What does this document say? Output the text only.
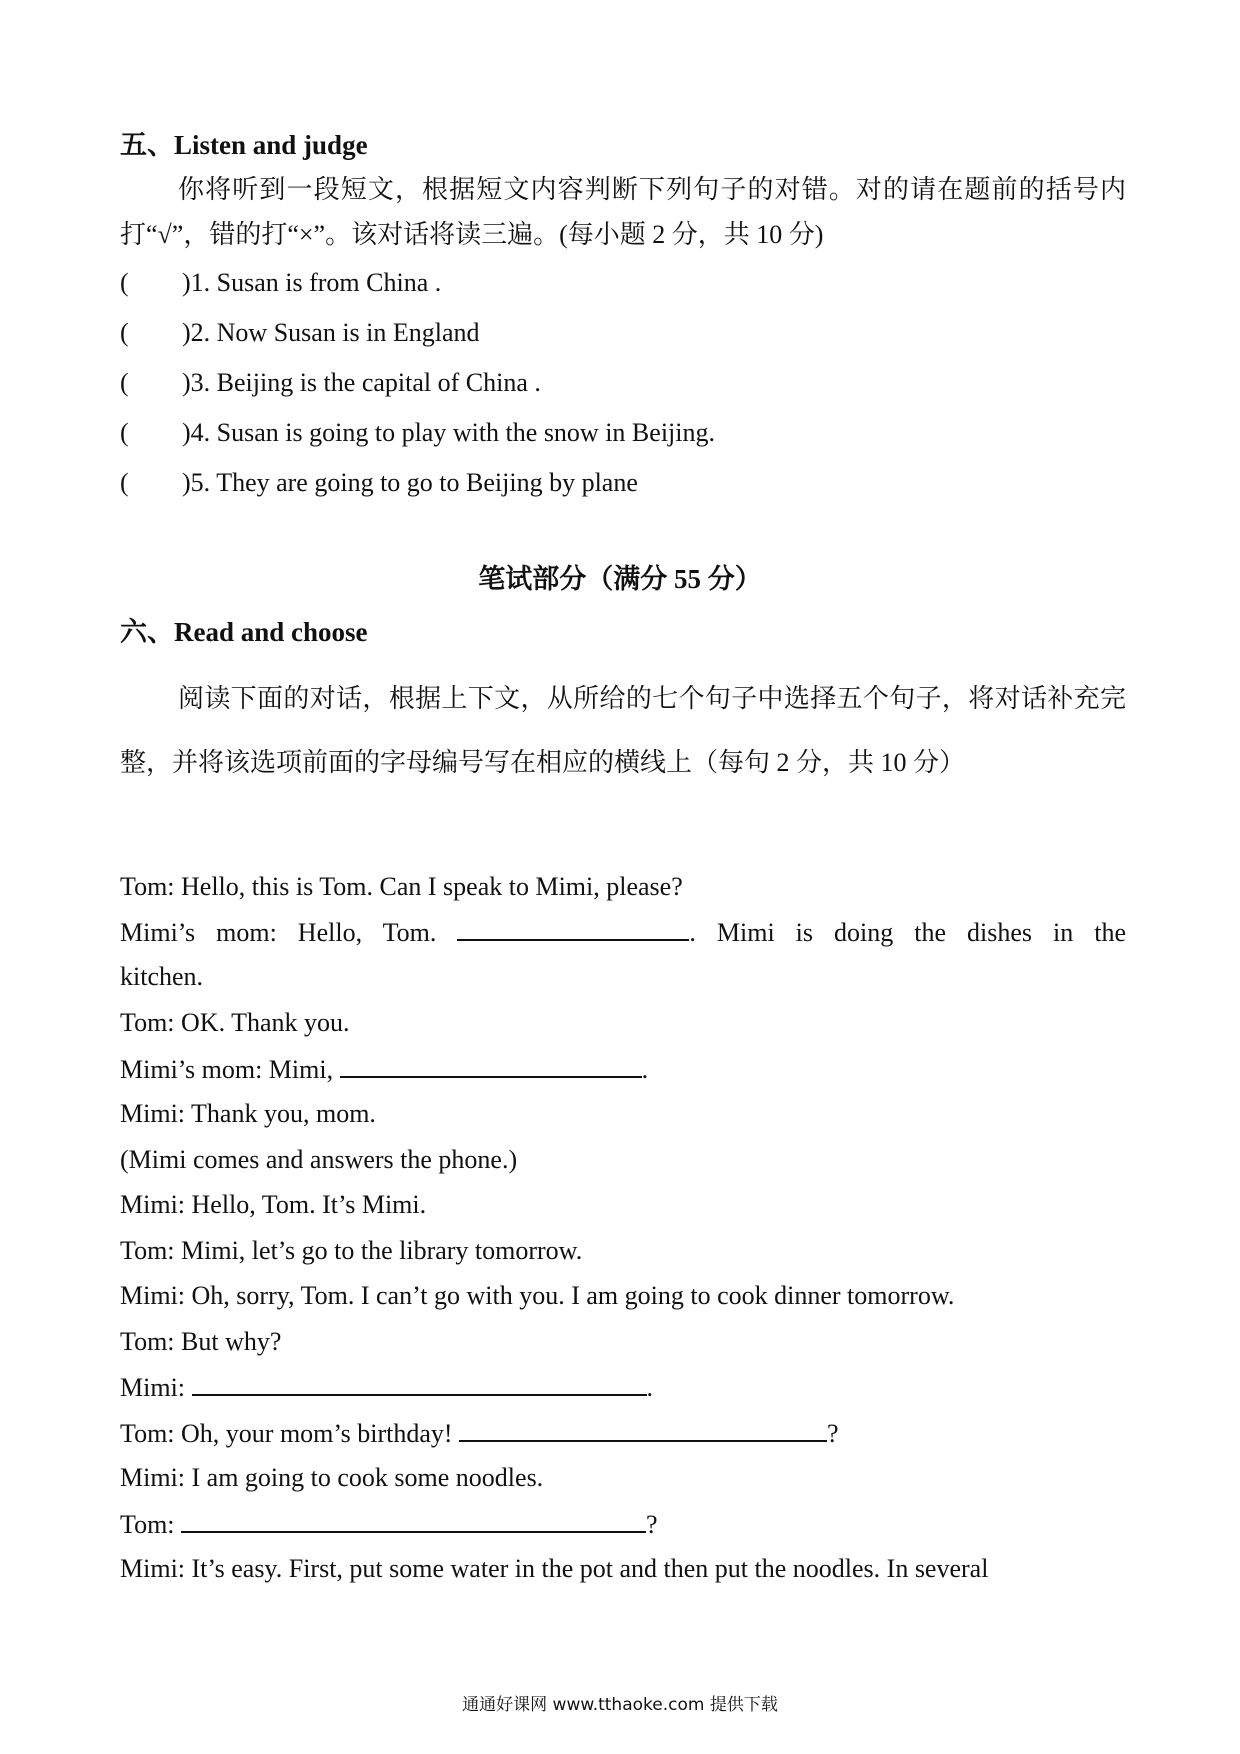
五、Listen and judge
你将听到一段短文，根据短文内容判断下列句子的对错。对的请在题前的括号内打“√”，错的打“×”。该对话将读三遍。(每小题 2 分，共 10 分)
( )1. Susan is from China .
( )2. Now Susan is in England
( )3. Beijing is the capital of China .
( )4. Susan is going to play with the snow in Beijing.
( )5. They are going to go to Beijing by plane
笔试部分（满分 55 分）
六、Read and choose
阅读下面的对话，根据上下文，从所给的七个句子中选择五个句子，将对话补充完整，并将该选项前面的字母编号写在相应的横线上（每句 2 分，共 10 分）
Tom: Hello, this is Tom. Can I speak to Mimi, please?
Mimi’s mom: Hello, Tom.	. Mimi is doing the dishes in the
kitchen.
Tom: OK. Thank you.
Mimi’s mom: Mimi,	.
Mimi: Thank you, mom.
(Mimi comes and answers the phone.)
Mimi: Hello, Tom. It’s Mimi.
Tom: Mimi, let’s go to the library tomorrow.
Mimi: Oh, sorry, Tom. I can’t go with you. I am going to cook dinner tomorrow.
Tom: But why?
Mimi:	.
Tom: Oh, your mom’s birthday!	?
Mimi: I am going to cook some noodles.
Tom:	?
Mimi: It’s easy. First, put some water in the pot and then put the noodles. In several
通通好课网 www.tthaoke.com 提供下载
